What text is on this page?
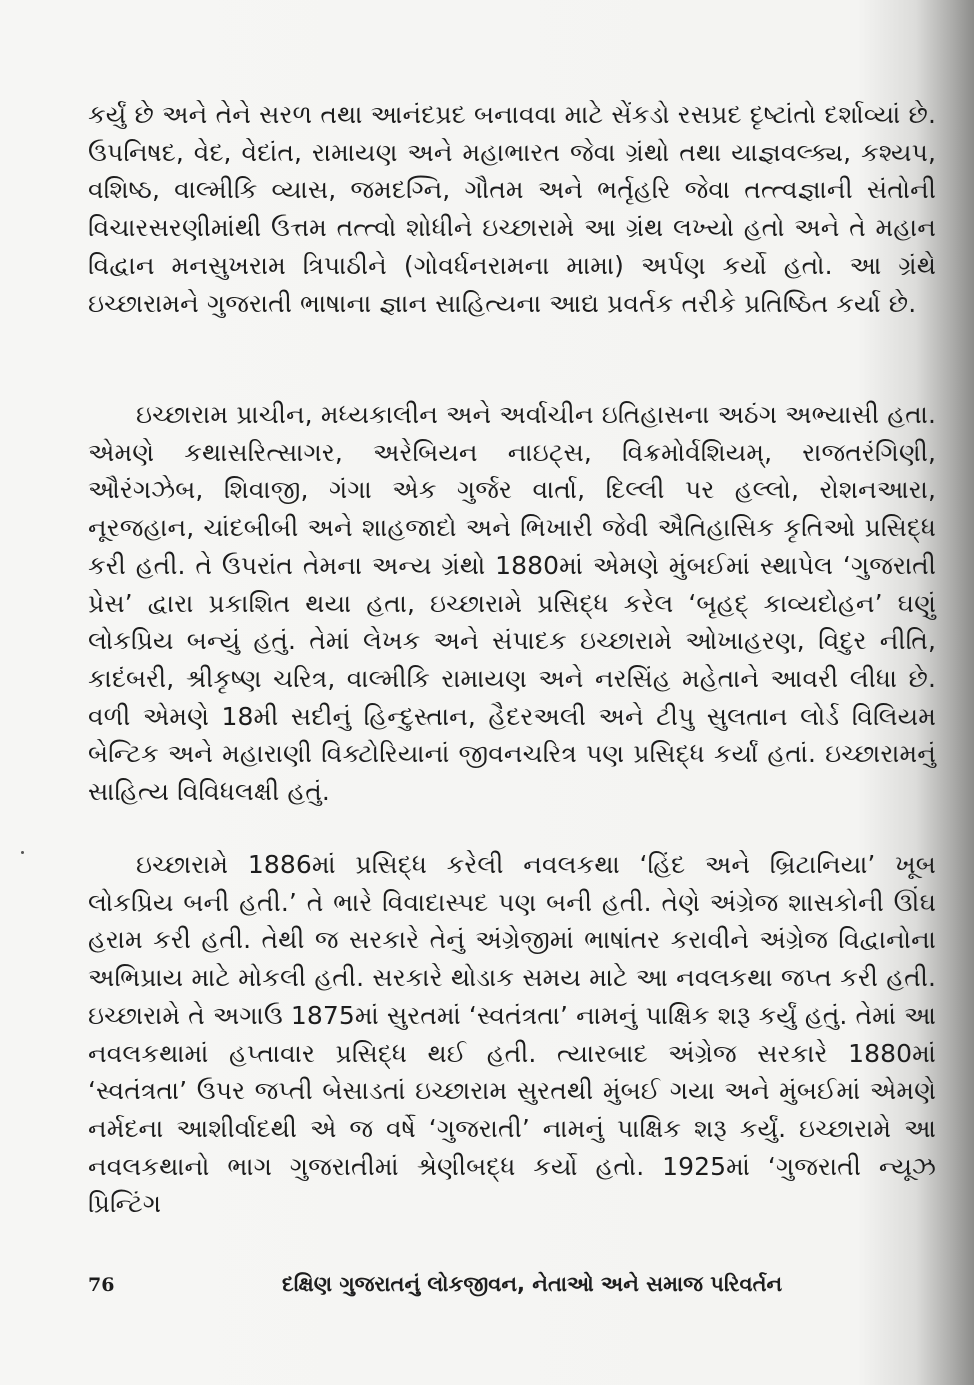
કર્યું છે અને તેને સરળ તથા આનંદપ્રદ બનાવવા માટે સેંકડો રસપ્રદ દૃષ્ટાંતો દર્શાવ્યાં છે. ઉપનિષદ, વેદ, વેદાંત, રામાયણ અને મહાભારત જેવા ગ્રંથો તથા યાજ્ઞવલ્ક્ય, કશ્યપ, વશિષ્ઠ, વાલ્મીકિ વ્યાસ, જમદગ્નિ, ગૌતમ અને ભર્તૃહરિ જેવા તત્ત્વજ્ઞાની સંતોની વિચારસરણીમાંથી ઉત્તમ તત્ત્વો શોધીને ઇચ્છારામે આ ગ્રંથ લખ્યો હતો અને તે મહાન વિદ્વાન મનસુખરામ ત્રિપાઠીને (ગોવર્ધનરામના મામા) અર્પણ કર્યો હતો. આ ગ્રંથે ઇચ્છારામને ગુજરાતી ભાષાના જ્ઞાન સાહિત્યના આદ્ય પ્રવર્તક તરીકે પ્રતિષ્ઠિત કર્યા છે.

ઇચ્છારામ પ્રાચીન, મધ્યકાલીન અને અર્વાચીન ઇતિહાસના અઠંગ અભ્યાસી હતા. એમણે કથાસરિત્સાગર, અરેબિયન નાઇટ્સ, વિક્રમોર્વશિયમ્, રાજતરંગિણી, ઔરંગઝેબ, શિવાજી, ગંગા એક ગુર્જર વાર્તા, દિલ્લી પર હલ્લો, રોશનઆરા, નૂરજહાન, ચાંદબીબી અને શાહજાદો અને ભિખારી જેવી ઐતિહાસિક કૃતિઓ પ્રસિદ્ધ કરી હતી. તે ઉપરાંત તેમના અન્ય ગ્રંથો 1880માં એમણે મુંબઈમાં સ્થાપેલ ‘ગુજરાતી પ્રેસ’ દ્વારા પ્રકાશિત થયા હતા, ઇચ્છારામે પ્રસિદ્ધ કરેલ ‘બૃહદ્ કાવ્યદોહન’ ઘણું લોકપ્રિય બન્યું હતું. તેમાં લેખક અને સંપાદક ઇચ્છારામે ઓખાહરણ, વિદુર નીતિ, કાદંબરી, શ્રીકૃષ્ણ ચરિત્ર, વાલ્મીકિ રામાયણ અને નરસિંહ મહેતાને આવરી લીધા છે. વળી એમણે 18મી સદીનું હિન્દુસ્તાન, હૈદરઅલી અને ટીપુ સુલતાન લોર્ડ વિલિયમ બેન્ટિક અને મહારાણી વિક્ટોરિયાનાં જીવનચરિત્ર પણ પ્રસિદ્ધ કર્યાં હતાં. ઇચ્છારામનું સાહિત્ય વિવિધલક્ષી હતું.

ઇચ્છારામે 1886માં પ્રસિદ્ધ કરેલી નવલકથા ‘હિંદ અને બ્રિટાનિયા’ ખૂબ લોકપ્રિય બની હતી.’ તે ભારે વિવાદાસ્પદ પણ બની હતી. તેણે અંગ્રેજ શાસકોની ઊંઘ હરામ કરી હતી. તેથી જ સરકારે તેનું અંગ્રેજીમાં ભાષાંતર કરાવીને અંગ્રેજ વિદ્વાનોના અભિપ્રાય માટે મોકલી હતી. સરકારે થોડાક સમય માટે આ નવલકથા જપ્ત કરી હતી. ઇચ્છારામે તે અગાઉ 1875માં સુરતમાં ‘સ્વતંત્રતા’ નામનું પાક્ષિક શરૂ કર્યું હતું. તેમાં આ નવલકથામાં હપ્તાવાર પ્રસિદ્ધ થઈ હતી. ત્યારબાદ અંગ્રેજ સરકારે 1880માં ‘સ્વતંત્રતા’ ઉપર જપ્તી બેસાડતાં ઇચ્છારામ સુરતથી મુંબઈ ગયા અને મુંબઈમાં એમણે નર્મદના આશીર્વાદથી એ જ વર્ષે ‘ગુજરાતી’ નામનું પાક્ષિક શરૂ કર્યું. ઇચ્છારામે આ નવલકથાનો ભાગ ગુજરાતીમાં શ્રેણીબદ્ધ કર્યો હતો. 1925માં ‘ગુજરાતી ન્યૂઝ પ્રિન્ટિંગ

76	દક્ષિણ ગુજરાતનું લોકજીવન, નેતાઓ અને સમાજ પરિવર્તન
